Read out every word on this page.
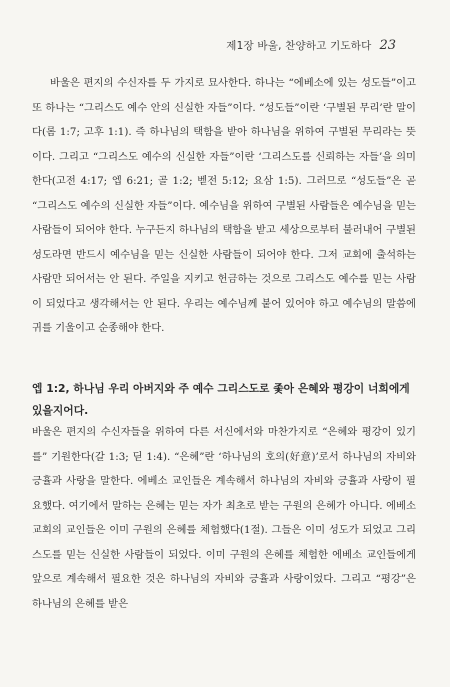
제1장 바울, 찬양하고 기도하다 23

바울은 편지의 수신자를 두 가지로 묘사한다. 하나는 “에베소에 있는 성도들”이고 또 하나는 “그리스도 예수 안의 신실한 자들”이다. “성도들”이란 ‘구별된 무리’란 말이다(롬 1:7; 고후 1:1). 즉 하나님의 택함을 받아 하나님을 위하여 구별된 무리라는 뜻이다. 그리고 “그리스도 예수의 신실한 자들”이란 ‘그리스도를 신뢰하는 자들’을 의미한다(고전 4:17; 엡 6:21; 골 1:2; 벧전 5:12; 요삼 1:5). 그러므로 “성도들”은 곧 “그리스도 예수의 신실한 자들”이다. 예수님을 위하여 구별된 사람들은 예수님을 믿는 사람들이 되어야 한다. 누구든지 하나님의 택함을 받고 세상으로부터 불러내어 구별된 성도라면 반드시 예수님을 믿는 신실한 사람들이 되어야 한다. 그저 교회에 출석하는 사람만 되어서는 안 된다. 주일을 지키고 헌금하는 것으로 그리스도 예수를 믿는 사람이 되었다고 생각해서는 안 된다. 우리는 예수님께 붙어 있어야 하고 예수님의 말씀에 귀를 기울이고 순종해야 한다.

엡 1:2, 하나님 우리 아버지와 주 예수 그리스도로 좇아 은혜와 평강이 너희에게 있을지어다.

바울은 편지의 수신자들을 위하여 다른 서신에서와 마찬가지로 “은혜와 평강이 있기를” 기원한다(갈 1:3; 딛 1:4). “은혜”란 ‘하나님의 호의(好意)’로서 하나님의 자비와 긍휼과 사랑을 말한다. 에베소 교인들은 계속해서 하나님의 자비와 긍휼과 사랑이 필요했다. 여기에서 말하는 은혜는 믿는 자가 최초로 받는 구원의 은혜가 아니다. 에베소 교회의 교인들은 이미 구원의 은혜를 체험했다(1절). 그들은 이미 성도가 되었고 그리스도를 믿는 신실한 사람들이 되었다. 이미 구원의 은혜를 체험한 에베소 교인들에게 앞으로 계속해서 필요한 것은 하나님의 자비와 긍휼과 사랑이었다. 그리고 “평강”은 하나님의 은혜를 받은
